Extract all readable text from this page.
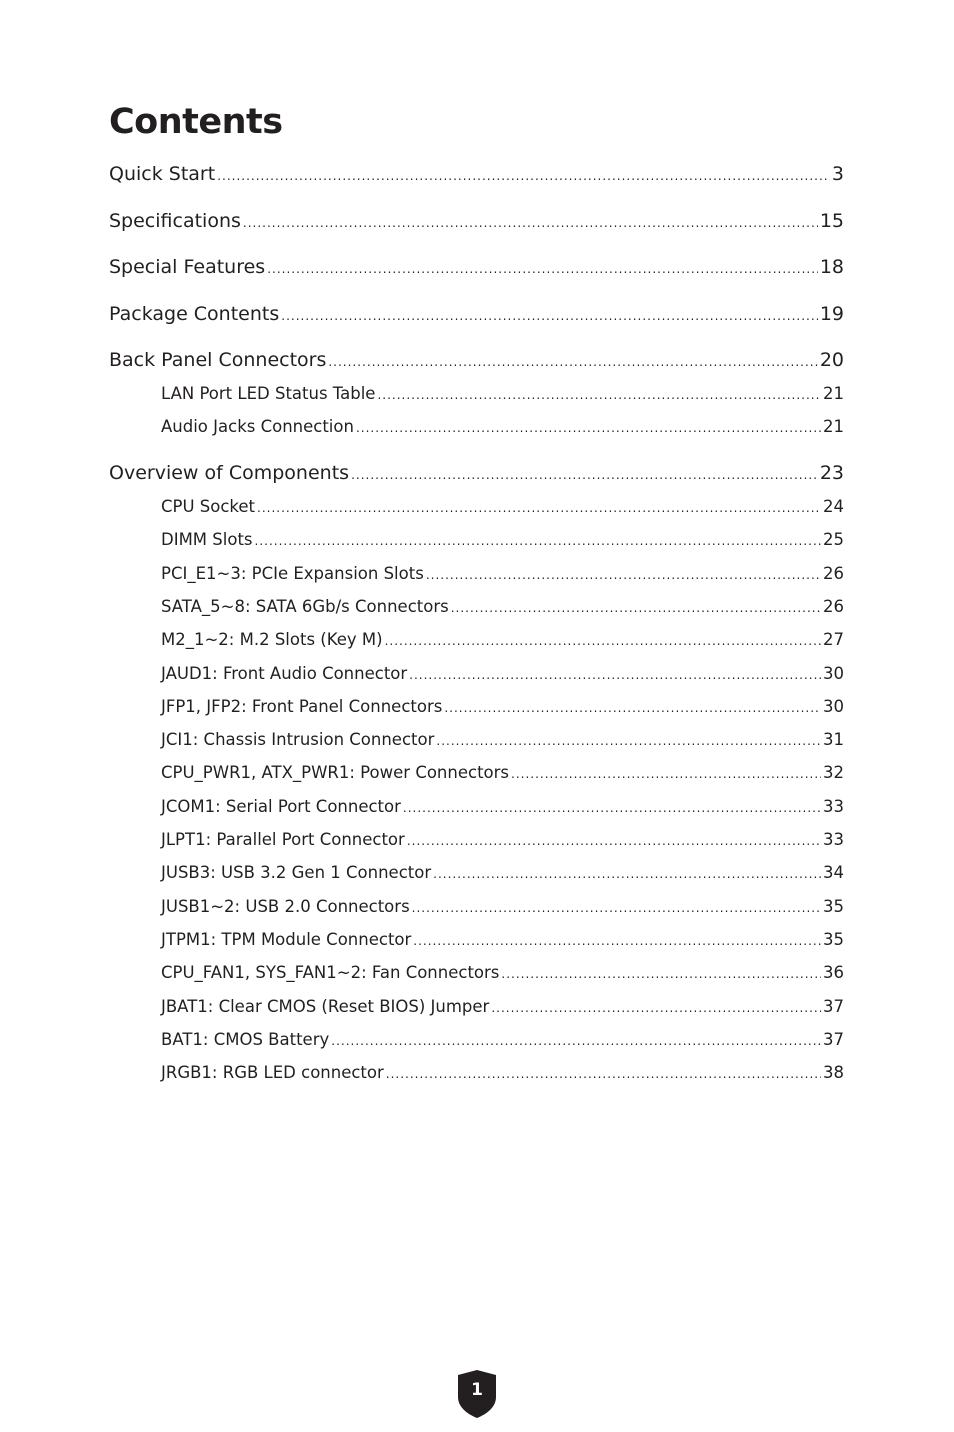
Contents
Quick Start .....	3
Specifications .....	15
Special Features .....	18
Package Contents .....	19
Back Panel Connectors .....	20
LAN Port LED Status Table .....	21
Audio Jacks Connection .....	21
Overview of Components .....	23
CPU Socket .....	24
DIMM Slots .....	25
PCI_E1~3: PCIe Expansion Slots .....	26
SATA_5~8: SATA 6Gb/s Connectors .....	26
M2_1~2: M.2 Slots (Key M) .....	27
JAUD1: Front Audio Connector .....	30
JFP1, JFP2: Front Panel Connectors .....	30
JCI1: Chassis Intrusion Connector .....	31
CPU_PWR1, ATX_PWR1: Power Connectors .....	32
JCOM1: Serial Port Connector .....	33
JLPT1: Parallel Port Connector .....	33
JUSB3: USB 3.2 Gen 1 Connector .....	34
JUSB1~2: USB 2.0 Connectors .....	35
JTPM1: TPM Module Connector .....	35
CPU_FAN1, SYS_FAN1~2: Fan Connectors .....	36
JBAT1: Clear CMOS (Reset BIOS) Jumper .....	37
BAT1: CMOS Battery .....	37
JRGB1: RGB LED connector .....	38
1
